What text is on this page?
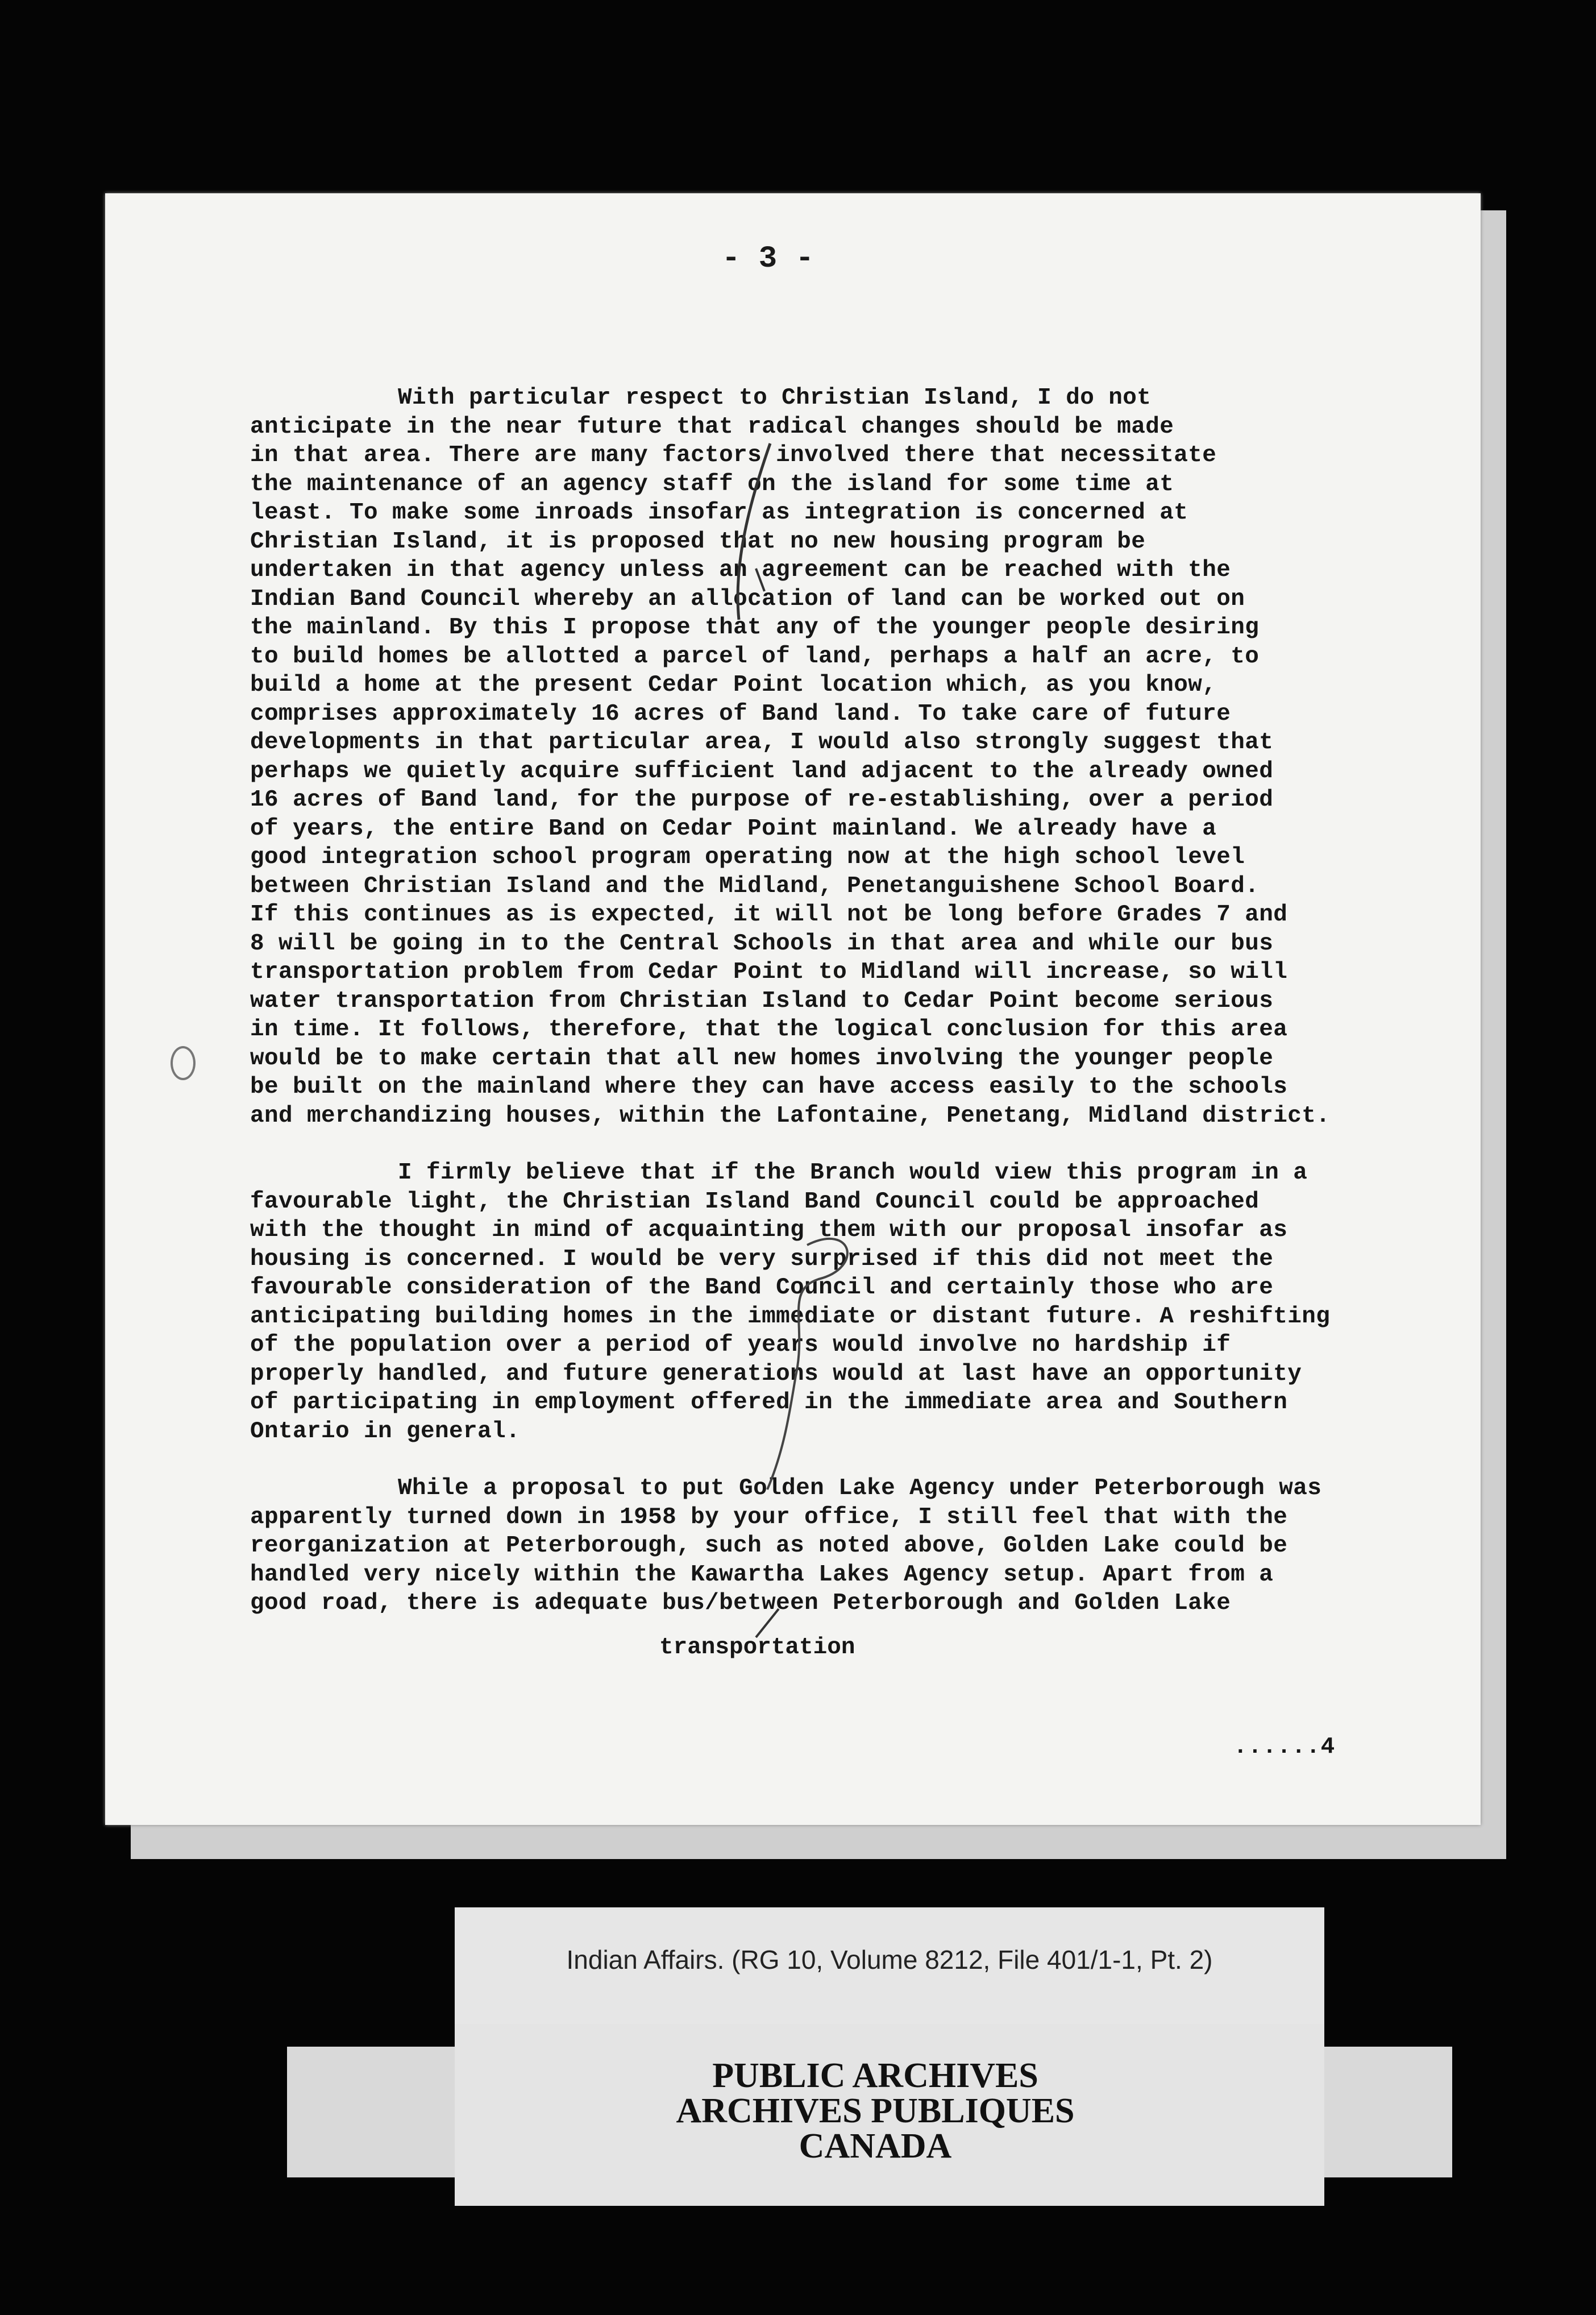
- 3 -

With particular respect to Christian Island, I do not
anticipate in the near future that radical changes should be made
in that area. There are many factors involved there that necessitate
the maintenance of an agency staff on the island for some time at
least. To make some inroads insofar as integration is concerned at
Christian Island, it is proposed that no new housing program be
undertaken in that agency unless an agreement can be reached with the
Indian Band Council whereby an allocation of land can be worked out on
the mainland. By this I propose that any of the younger people desiring
to build homes be allotted a parcel of land, perhaps a half an acre, to
build a home at the present Cedar Point location which, as you know,
comprises approximately 16 acres of Band land. To take care of future
developments in that particular area, I would also strongly suggest that
perhaps we quietly acquire sufficient land adjacent to the already owned
16 acres of Band land, for the purpose of re-establishing, over a period
of years, the entire Band on Cedar Point mainland. We already have a
good integration school program operating now at the high school level
between Christian Island and the Midland, Penetanguishene School Board.
If this continues as is expected, it will not be long before Grades 7 and
8 will be going in to the Central Schools in that area and while our bus
transportation problem from Cedar Point to Midland will increase, so will
water transportation from Christian Island to Cedar Point become serious
in time. It follows, therefore, that the logical conclusion for this area
would be to make certain that all new homes involving the younger people
be built on the mainland where they can have access easily to the schools
and merchandizing houses, within the Lafontaine, Penetang, Midland district.

I firmly believe that if the Branch would view this program in a
favourable light, the Christian Island Band Council could be approached
with the thought in mind of acquainting them with our proposal insofar as
housing is concerned. I would be very surprised if this did not meet the
favourable consideration of the Band Council and certainly those who are
anticipating building homes in the immediate or distant future. A reshifting
of the population over a period of years would involve no hardship if
properly handled, and future generations would at last have an opportunity
of participating in employment offered in the immediate area and Southern
Ontario in general.

While a proposal to put Golden Lake Agency under Peterborough was
apparently turned down in 1958 by your office, I still feel that with the
reorganization at Peterborough, such as noted above, Golden Lake could be
handled very nicely within the Kawartha Lakes Agency setup. Apart from a
good road, there is adequate bus/between Peterborough and Golden Lake

transportation
......4
Indian Affairs. (RG 10, Volume 8212, File 401/1-1, Pt. 2)
PUBLIC ARCHIVES
ARCHIVES PUBLIQUES
CANADA
